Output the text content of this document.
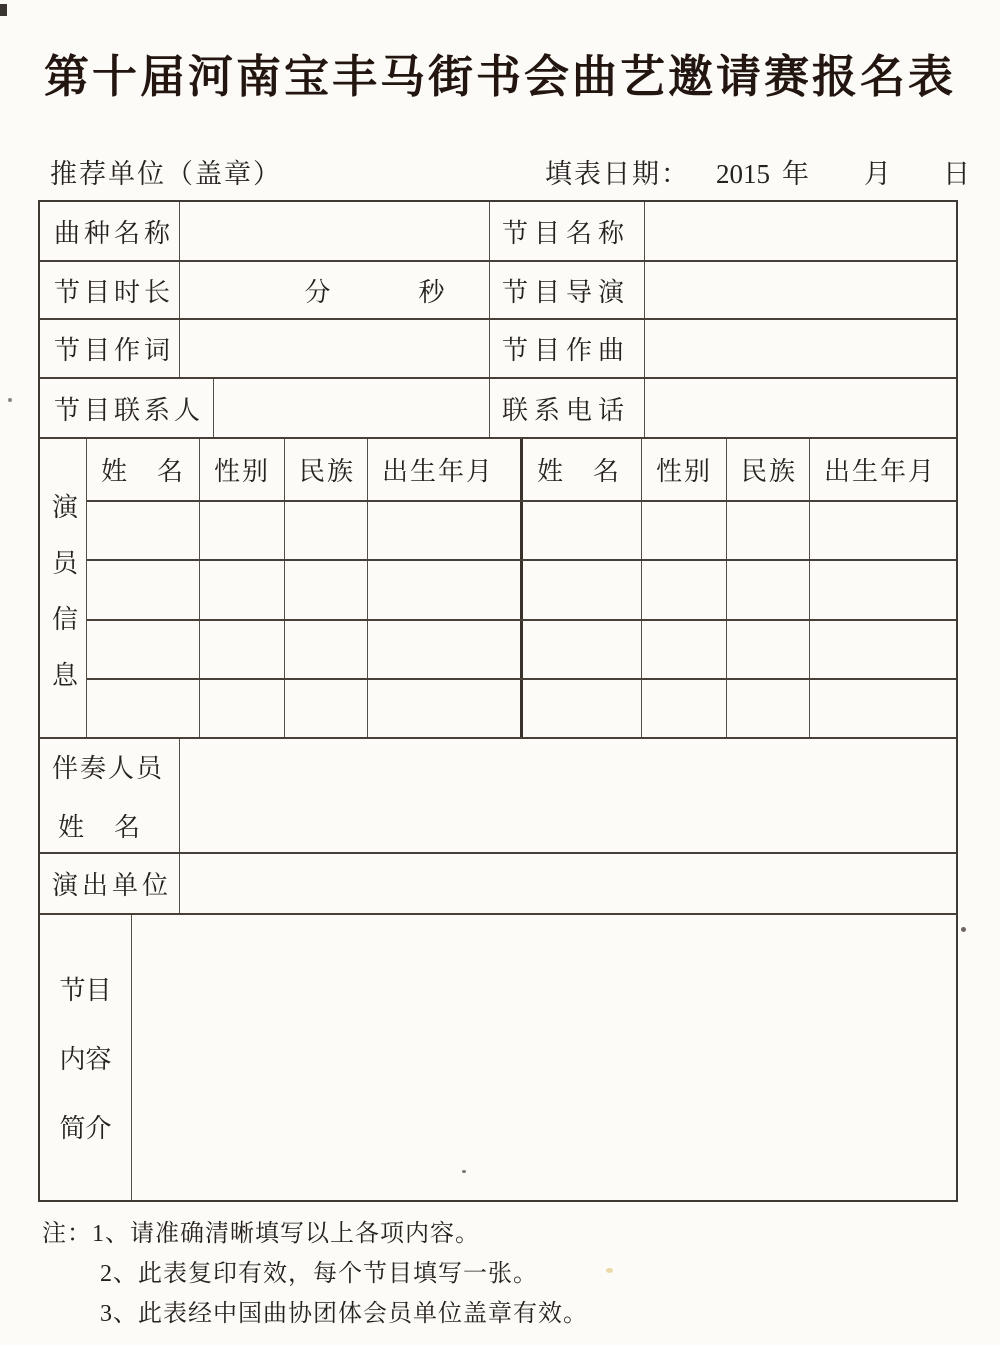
第十届河南宝丰马街书会曲艺邀请赛报名表
推荐单位（盖章）	填表日期： 2015 年 月 日
曲种名称	节目名称
节目时长	分	秒	节目导演
节目作词	节目作曲
节目联系人	联系电话
演员信息
姓　名	性别	民族	出生年月	姓　名	性别	民族	出生年月
伴奏人员
姓　名
演出单位
节目
内容
简介
注：1、请准确清晰填写以上各项内容。
2、此表复印有效，每个节目填写一张。
3、此表经中国曲协团体会员单位盖章有效。
